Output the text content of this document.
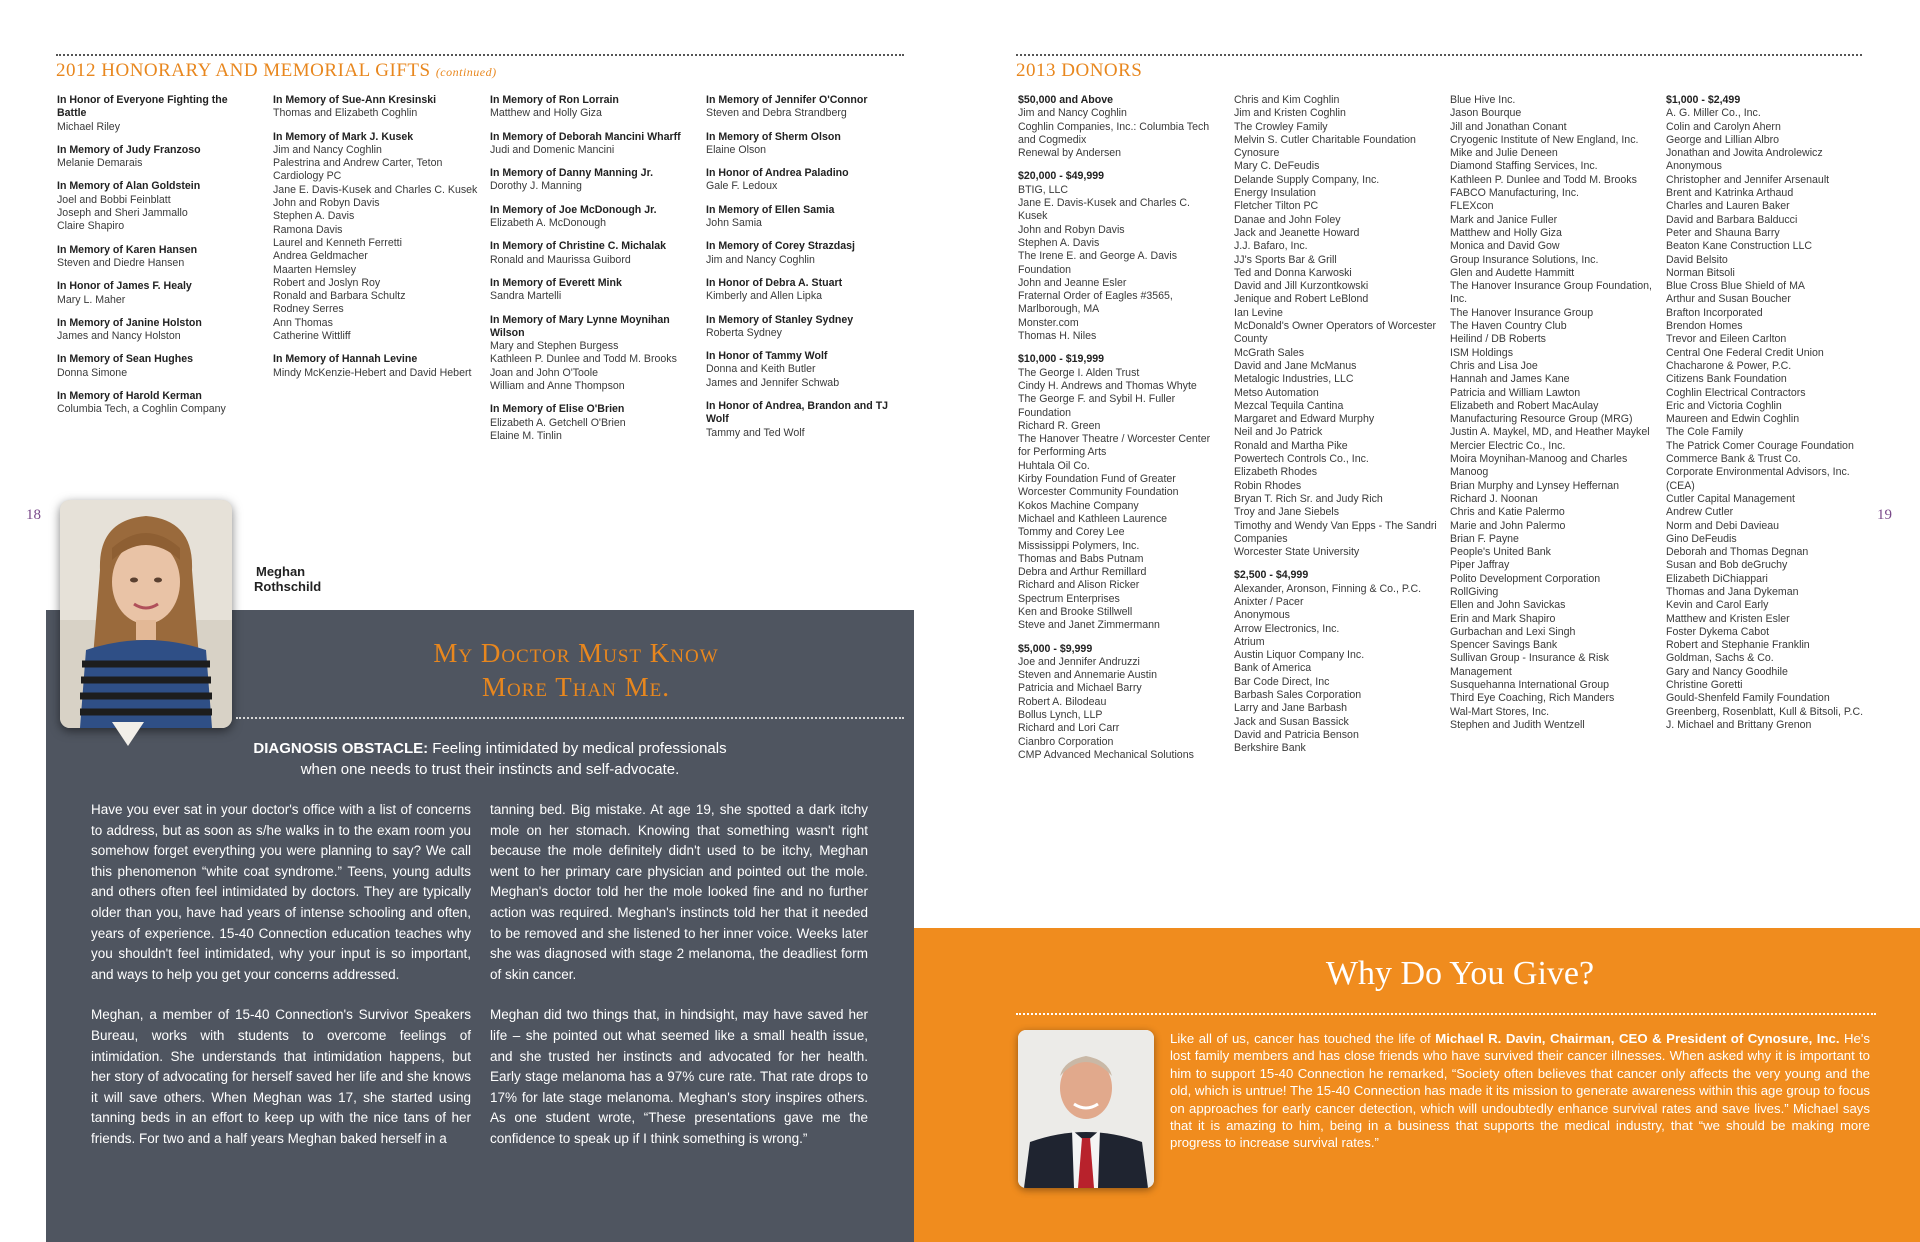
2012 HONORARY AND MEMORIAL GIFTS (continued)
In Honor of Everyone Fighting the Battle
Michael Riley
In Memory of Judy Franzoso
Melanie Demarais
In Memory of Alan Goldstein
Joel and Bobbi Feinblatt
Joseph and Sheri Jammallo
Claire Shapiro
In Memory of Karen Hansen
Steven and Diedre Hansen
In Honor of James F. Healy
Mary L. Maher
In Memory of Janine Holston
James and Nancy Holston
In Memory of Sean Hughes
Donna Simone
In Memory of Harold Kerman
Columbia Tech, a Coghlin Company
In Memory of Sue-Ann Kresinski
Thomas and Elizabeth Coghlin
In Memory of Mark J. Kusek
Jim and Nancy Coghlin
Palestrina and Andrew Carter, Teton Cardiology PC
Jane E. Davis-Kusek and Charles C. Kusek
John and Robyn Davis
Stephen A. Davis
Ramona Davis
Laurel and Kenneth Ferretti
Andrea Geldmacher
Maarten Hemsley
Robert and Joslyn Roy
Ronald and Barbara Schultz
Rodney Serres
Ann Thomas
Catherine Wittliff
In Memory of Hannah Levine
Mindy McKenzie-Hebert and David Hebert
In Memory of Ron Lorrain
Matthew and Holly Giza
In Memory of Deborah Mancini Wharff
Judi and Domenic Mancini
In Memory of Danny Manning Jr.
Dorothy J. Manning
In Memory of Joe McDonough Jr.
Elizabeth A. McDonough
In Memory of Christine C. Michalak
Ronald and Maurissa Guibord
In Memory of Everett Mink
Sandra Martelli
In Memory of Mary Lynne Moynihan Wilson
Mary and Stephen Burgess
Kathleen P. Dunlee and Todd M. Brooks
Joan and John O'Toole
William and Anne Thompson
In Memory of Elise O'Brien
Elizabeth A. Getchell O'Brien
Elaine M. Tinlin
In Memory of Jennifer O'Connor
Steven and Debra Strandberg
In Memory of Sherm Olson
Elaine Olson
In Honor of Andrea Paladino
Gale F. Ledoux
In Memory of Ellen Samia
John Samia
In Memory of Corey Strazdasj
Jim and Nancy Coghlin
In Honor of Debra A. Stuart
Kimberly and Allen Lipka
In Memory of Stanley Sydney
Roberta Sydney
In Honor of Tammy Wolf
Donna and Keith Butler
James and Jennifer Schwab
In Honor of Andrea, Brandon and TJ Wolf
Tammy and Ted Wolf
18
Meghan
Rothschild
My Doctor Must Know
More Than Me.
DIAGNOSIS OBSTACLE: Feeling intimidated by medical professionals
when one needs to trust their instincts and self-advocate.

Have you ever sat in your doctor's office with a list of concerns to address, but as soon as s/he walks in to the exam room you somehow forget everything you were planning to say? We call this phenomenon “white coat syndrome.” Teens, young adults and others often feel intimidated by doctors. They are typically older than you, have had years of intense schooling and often, years of experience. 15-40 Connection education teaches why you shouldn't feel intimidated, why your input is so important, and ways to help you get your concerns addressed.

Meghan, a member of 15-40 Connection's Survivor Speakers Bureau, works with students to overcome feelings of intimidation. She understands that intimidation happens, but her story of advocating for herself saved her life and she knows it will save others. When Meghan was 17, she started using tanning beds in an effort to keep up with the nice tans of her friends. For two and a half years Meghan baked herself in a

tanning bed. Big mistake. At age 19, she spotted a dark itchy mole on her stomach. Knowing that something wasn't right because the mole definitely didn't used to be itchy, Meghan went to her primary care physician and pointed out the mole. Meghan's doctor told her the mole looked fine and no further action was required. Meghan's instincts told her that it needed to be removed and she listened to her inner voice. Weeks later she was diagnosed with stage 2 melanoma, the deadliest form of skin cancer.

Meghan did two things that, in hindsight, may have saved her life – she pointed out what seemed like a small health issue, and she trusted her instincts and advocated for her health. Early stage melanoma has a 97% cure rate. That rate drops to 17% for late stage melanoma. Meghan's story inspires others. As one student wrote, “These presentations gave me the confidence to speak up if I think something is wrong.”

2013 DONORS
$50,000 and Above
Jim and Nancy Coghlin
Coghlin Companies, Inc.: Columbia Tech and Cogmedix
Renewal by Andersen
$20,000 - $49,999
BTIG, LLC
Jane E. Davis-Kusek and Charles C. Kusek
John and Robyn Davis
Stephen A. Davis
The Irene E. and George A. Davis Foundation
John and Jeanne Esler
Fraternal Order of Eagles #3565, Marlborough, MA
Monster.com
Thomas H. Niles
$10,000 - $19,999
The George I. Alden Trust
Cindy H. Andrews and Thomas Whyte
The George F. and Sybil H. Fuller Foundation
Richard R. Green
The Hanover Theatre / Worcester Center for Performing Arts
Huhtala Oil Co.
Kirby Foundation Fund of Greater Worcester Community Foundation
Kokos Machine Company
Michael and Kathleen Laurence
Tommy and Corey Lee
Mississippi Polymers, Inc.
Thomas and Babs Putnam
Debra and Arthur Remillard
Richard and Alison Ricker
Spectrum Enterprises
Ken and Brooke Stillwell
Steve and Janet Zimmermann
$5,000 - $9,999
Joe and Jennifer Andruzzi
Steven and Annemarie Austin
Patricia and Michael Barry
Robert A. Bilodeau
Bollus Lynch, LLP
Richard and Lori Carr
Cianbro Corporation
CMP Advanced Mechanical Solutions
Chris and Kim Coghlin
Jim and Kristen Coghlin
The Crowley Family
Melvin S. Cutler Charitable Foundation
Cynosure
Mary C. DeFeudis
Delande Supply Company, Inc.
Energy Insulation
Fletcher Tilton PC
Danae and John Foley
Jack and Jeanette Howard
J.J. Bafaro, Inc.
JJ's Sports Bar & Grill
Ted and Donna Karwoski
David and Jill Kurzontkowski
Jenique and Robert LeBlond
Ian Levine
McDonald's Owner Operators of Worcester County
McGrath Sales
David and Jane McManus
Metalogic Industries, LLC
Metso Automation
Mezcal Tequila Cantina
Margaret and Edward Murphy
Neil and Jo Patrick
Ronald and Martha Pike
Powertech Controls Co., Inc.
Elizabeth Rhodes
Robin Rhodes
Bryan T. Rich Sr. and Judy Rich
Troy and Jane Siebels
Timothy and Wendy Van Epps - The Sandri Companies
Worcester State University
$2,500 - $4,999
Alexander, Aronson, Finning & Co., P.C.
Anixter / Pacer
Anonymous
Arrow Electronics, Inc.
Atrium
Austin Liquor Company Inc.
Bank of America
Bar Code Direct, Inc
Barbash Sales Corporation
Larry and Jane Barbash
Jack and Susan Bassick
David and Patricia Benson
Berkshire Bank
Blue Hive Inc.
Jason Bourque
Jill and Jonathan Conant
Cryogenic Institute of New England, Inc.
Mike and Julie Deneen
Diamond Staffing Services, Inc.
Kathleen P. Dunlee and Todd M. Brooks
FABCO Manufacturing, Inc.
FLEXcon
Mark and Janice Fuller
Matthew and Holly Giza
Monica and David Gow
Group Insurance Solutions, Inc.
Glen and Audette Hammitt
The Hanover Insurance Group Foundation, Inc.
The Hanover Insurance Group
The Haven Country Club
Heilind / DB Roberts
ISM Holdings
Chris and Lisa Joe
Hannah and James Kane
Patricia and William Lawton
Elizabeth and Robert MacAulay
Manufacturing Resource Group (MRG)
Justin A. Maykel, MD, and Heather Maykel
Mercier Electric Co., Inc.
Moira Moynihan-Manoog and Charles Manoog
Brian Murphy and Lynsey Heffernan
Richard J. Noonan
Chris and Katie Palermo
Marie and John Palermo
Brian F. Payne
People's United Bank
Piper Jaffray
Polito Development Corporation
RollGiving
Ellen and John Savickas
Erin and Mark Shapiro
Gurbachan and Lexi Singh
Spencer Savings Bank
Sullivan Group - Insurance & Risk Management
Susquehanna International Group
Third Eye Coaching, Rich Manders
Wal-Mart Stores, Inc.
Stephen and Judith Wentzell
$1,000 - $2,499
A. G. Miller Co., Inc.
Colin and Carolyn Ahern
George and Lillian Albro
Jonathan and Jowita Androlewicz
Anonymous
Christopher and Jennifer Arsenault
Brent and Katrinka Arthaud
Charles and Lauren Baker
David and Barbara Balducci
Peter and Shauna Barry
Beaton Kane Construction LLC
David Belsito
Norman Bitsoli
Blue Cross Blue Shield of MA
Arthur and Susan Boucher
Brafton Incorporated
Brendon Homes
Trevor and Eileen Carlton
Central One Federal Credit Union
Chacharone & Power, P.C.
Citizens Bank Foundation
Coghlin Electrical Contractors
Eric and Victoria Coghlin
Maureen and Edwin Coghlin
The Cole Family
The Patrick Comer Courage Foundation
Commerce Bank & Trust Co.
Corporate Environmental Advisors, Inc. (CEA)
Cutler Capital Management
Andrew Cutler
Norm and Debi Davieau
Gino DeFeudis
Deborah and Thomas Degnan
Susan and Bob deGruchy
Elizabeth DiChiappari
Thomas and Jana Dykeman
Kevin and Carol Early
Matthew and Kristen Esler
Foster Dykema Cabot
Robert and Stephanie Franklin
Goldman, Sachs & Co.
Gary and Nancy Goodhile
Christine Goretti
Gould-Shenfeld Family Foundation
Greenberg, Rosenblatt, Kull & Bitsoli, P.C.
J. Michael and Brittany Grenon
19
Why Do You Give?
Like all of us, cancer has touched the life of Michael R. Davin, Chairman, CEO & President of Cynosure, Inc. He's lost family members and has close friends who have survived their cancer illnesses. When asked why it is important to him to support 15-40 Connection he remarked, “Society often believes that cancer only affects the very young and the old, which is untrue! The 15-40 Connection has made it its mission to generate awareness within this age group to focus on approaches for early cancer detection, which will undoubtedly enhance survival rates and save lives.” Michael says that it is amazing to him, being in a business that supports the medical industry, that “we should be making more progress to increase survival rates.”
